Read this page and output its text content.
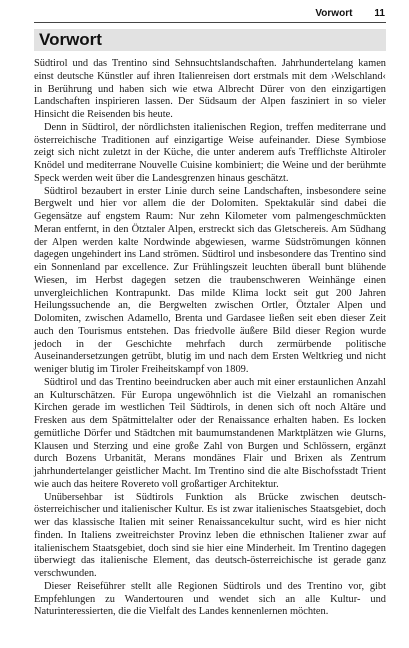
Vorwort 11
Vorwort

Südtirol und das Trentino sind Sehnsuchtslandschaften. Jahrhundertelang kamen einst deutsche Künstler auf ihren Italienreisen dort erstmals mit dem ›Welschland‹ in Berührung und haben sich wie etwa Albrecht Dürer von den einzigartigen Landschaften inspirieren lassen. Der Südsaum der Alpen fasziniert in so vieler Hinsicht die Reisenden bis heute.

Denn in Südtirol, der nördlichsten italienischen Region, treffen mediterrane und österreichische Traditionen auf einzigartige Weise aufeinander. Diese Symbiose zeigt sich nicht zuletzt in der Küche, die unter anderem aufs Trefflichste Altiroler Knödel und mediterrane Nouvelle Cuisine kombiniert; die Weine und der berühmte Speck werden weit über die Landesgrenzen hinaus geschätzt.

Südtirol bezaubert in erster Linie durch seine Landschaften, insbesondere seine Bergwelt und hier vor allem die der Dolomiten. Spektakulär sind dabei die Gegensätze auf engstem Raum: Nur zehn Kilometer vom palmengeschmückten Meran entfernt, in den Ötztaler Alpen, erstreckt sich das Gletschereis. Am Südhang der Alpen werden kalte Nordwinde abgewiesen, warme Südströmungen können dagegen ungehindert ins Land strömen. Südtirol und insbesondere das Trentino sind ein Sonnenland par excellence. Zur Frühlingszeit leuchten überall bunt blühende Wiesen, im Herbst dagegen setzen die traubenschweren Weinhänge einen unvergleichlichen Kontrapunkt. Das milde Klima lockt seit gut 200 Jahren Heilungssuchende an, die Bergwelten zwischen Ortler, Ötztaler Alpen und Dolomiten, zwischen Adamello, Brenta und Gardasee ließen seit eben dieser Zeit auch den Tourismus entstehen. Das friedvolle äußere Bild dieser Region wurde jedoch in der Geschichte mehrfach durch zermürbende politische Auseinandersetzungen getrübt, blutig im und nach dem Ersten Weltkrieg und nicht weniger blutig im Tiroler Freiheitskampf von 1809.

Südtirol und das Trentino beeindrucken aber auch mit einer erstaunlichen Anzahl an Kulturschätzen. Für Europa ungewöhnlich ist die Vielzahl an romanischen Kirchen gerade im westlichen Teil Südtirols, in denen sich oft noch Altäre und Fresken aus dem Spätmittelalter oder der Renaissance erhalten haben. Es locken gemütliche Dörfer und Städtchen mit baumumstandenen Marktplätzen wie Glurns, Klausen und Sterzing und eine große Zahl von Burgen und Schlössern, ergänzt durch Bozens Urbanität, Merans mondänes Flair und Brixen als Zentrum jahrhundertelanger geistlicher Macht. Im Trentino sind die alte Bischofsstadt Trient wie auch das heitere Rovereto voll großartiger Architektur.

Unübersehbar ist Südtirols Funktion als Brücke zwischen deutsch-österreichischer und italienischer Kultur. Es ist zwar italienisches Staatsgebiet, doch wer das klassische Italien mit seiner Renaissancekultur sucht, wird es hier nicht finden. In Italiens zweitreichster Provinz leben die ethnischen Italiener zwar auf italienischem Staatsgebiet, doch sind sie hier eine Minderheit. Im Trentino dagegen überwiegt das italienische Element, das deutsch-österreichische ist gerade ganz verschwunden.

Dieser Reiseführer stellt alle Regionen Südtirols und des Trentino vor, gibt Empfehlungen zu Wandertouren und wendet sich an alle Kultur- und Naturinteressierten, die die Vielfalt des Landes kennenlernen möchten.
